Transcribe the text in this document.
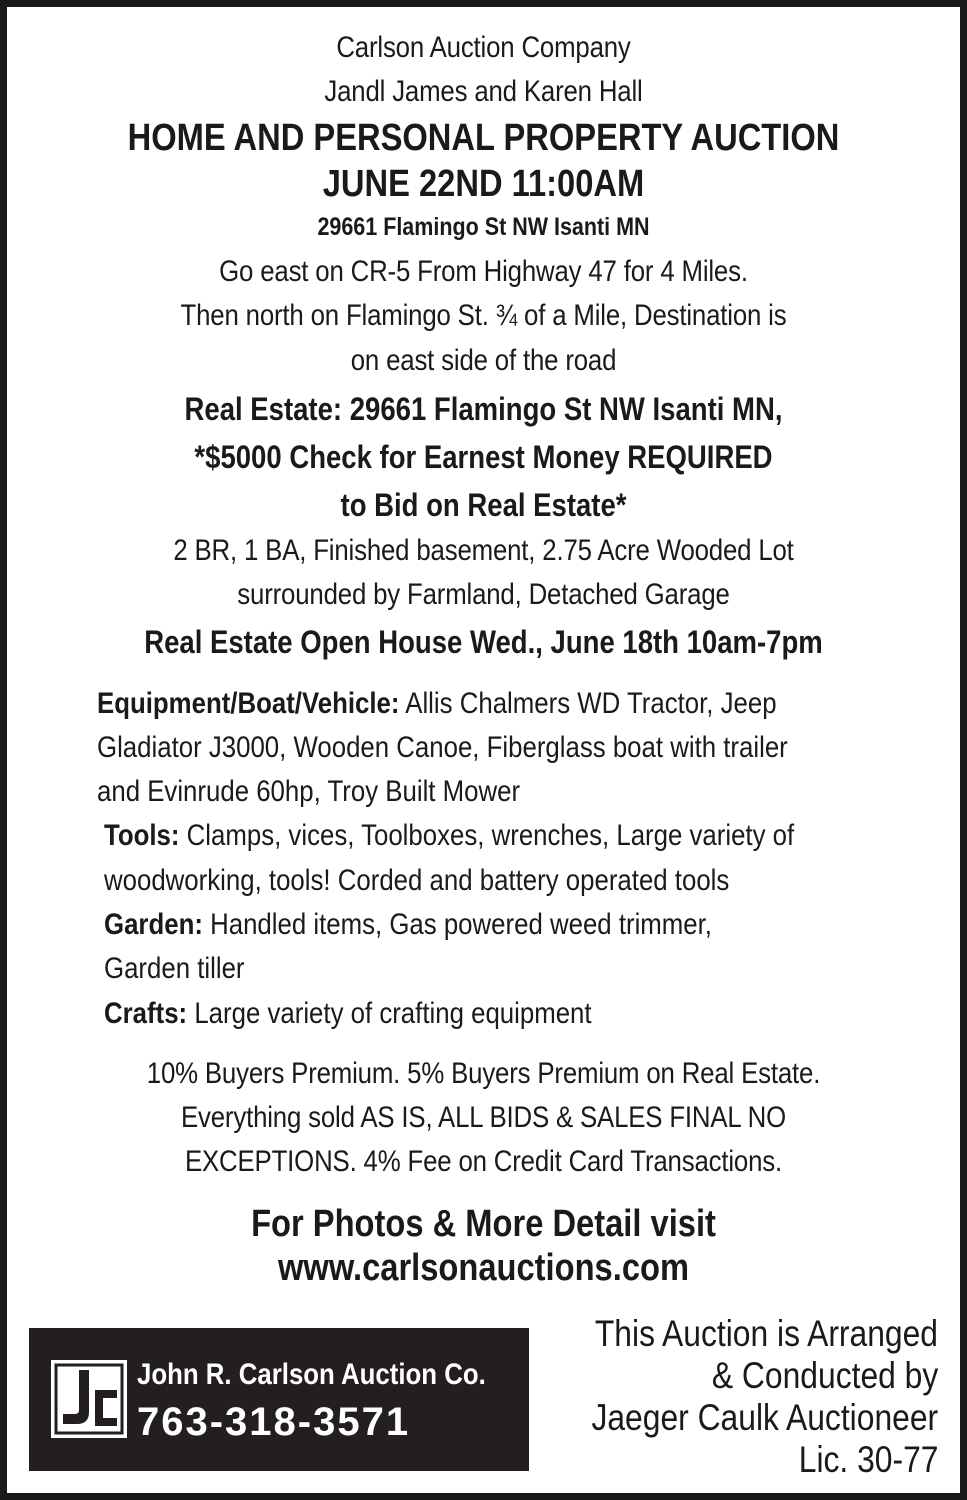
Carlson Auction Company
Jandl James and Karen Hall
HOME AND PERSONAL PROPERTY AUCTION
JUNE 22ND 11:00AM
29661 Flamingo St NW Isanti MN
Go east on CR-5 From Highway 47 for 4 Miles.
Then north on Flamingo St. ¾ of a Mile, Destination is
on east side of the road
Real Estate: 29661 Flamingo St NW Isanti MN,
*$5000 Check for Earnest Money REQUIRED
to Bid on Real Estate*
2 BR, 1 BA, Finished basement, 2.75 Acre Wooded Lot
surrounded by Farmland, Detached Garage
Real Estate Open House Wed., June 18th 10am-7pm
Equipment/Boat/Vehicle: Allis Chalmers WD Tractor, Jeep
Gladiator J3000, Wooden Canoe, Fiberglass boat with trailer
and Evinrude 60hp, Troy Built Mower
Tools: Clamps, vices, Toolboxes, wrenches, Large variety of
woodworking, tools! Corded and battery operated tools
Garden: Handled items, Gas powered weed trimmer,
Garden tiller
Crafts: Large variety of crafting equipment
10% Buyers Premium. 5% Buyers Premium on Real Estate.
Everything sold AS IS, ALL BIDS & SALES FINAL NO
EXCEPTIONS. 4% Fee on Credit Card Transactions.
For Photos & More Detail visit
www.carlsonauctions.com
John R. Carlson Auction Co.
763-318-3571
This Auction is Arranged
& Conducted by
Jaeger Caulk Auctioneer
Lic. 30-77
